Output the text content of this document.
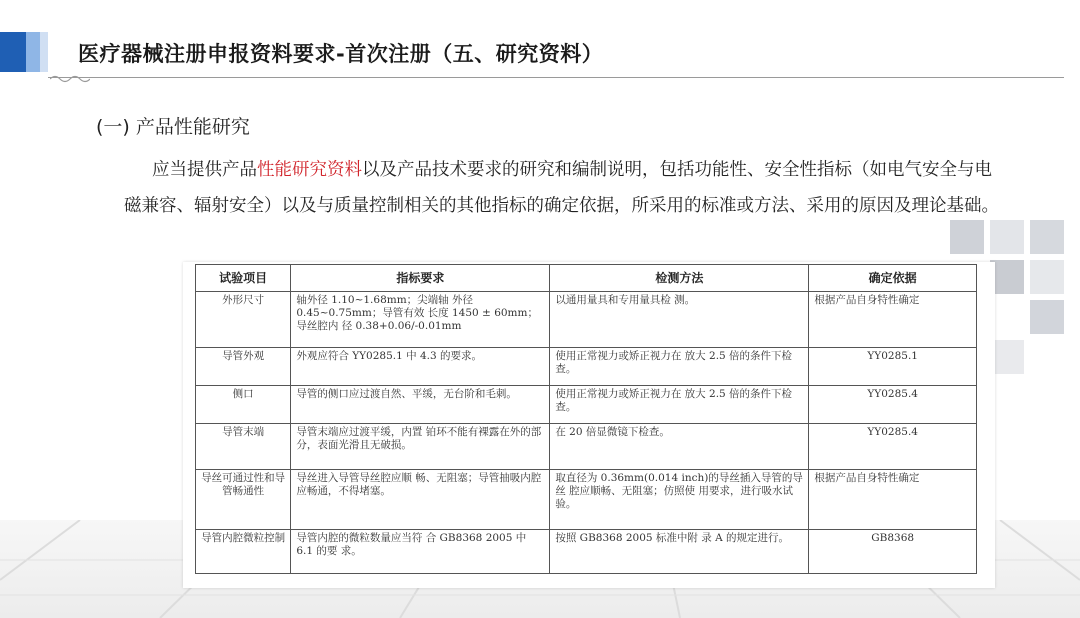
医疗器械注册申报资料要求-首次注册（五、研究资料）
(一) 产品性能研究
应当提供产品性能研究资料以及产品技术要求的研究和编制说明，包括功能性、安全性指标（如电气安全与电磁兼容、辐射安全）以及与质量控制相关的其他指标的确定依据，所采用的标准或方法、采用的原因及理论基础。
试验项目	指标要求	检测方法	确定依据
外形尺寸	轴外径 1.10~1.68mm；尖端轴 外径 0.45~0.75mm；导管有效 长度 1450 ± 60mm；导丝腔内 径 0.38+0.06/-0.01mm	以通用量具和专用量具检 测。	根据产品自身特性确定
导管外观	外观应符合 YY0285.1 中 4.3 的要求。	使用正常视力或矫正视力在 放大 2.5 倍的条件下检查。	YY0285.1
侧口	导管的侧口应过渡自然、平缓，无台阶和毛刺。	使用正常视力或矫正视力在 放大 2.5 倍的条件下检查。	YY0285.4
导管末端	导管末端应过渡平缓，内置 铂环不能有裸露在外的部 分，表面光滑且无破损。	在 20 倍显微镜下检查。	YY0285.4
导丝可通过性和导管畅通性	导丝进入导管导丝腔应顺 畅、无阻塞；导管抽吸内腔 应畅通，不得堵塞。	取直径为 0.36mm(0.014 inch)的导丝插入导管的导丝 腔应顺畅、无阻塞；仿照使 用要求，进行吸水试验。	根据产品自身特性确定
导管内腔微粒控制	导管内腔的微粒数量应当符 合 GB8368 2005 中 6.1 的要 求。	按照 GB8368 2005 标准中附 录 A 的规定进行。	GB8368
